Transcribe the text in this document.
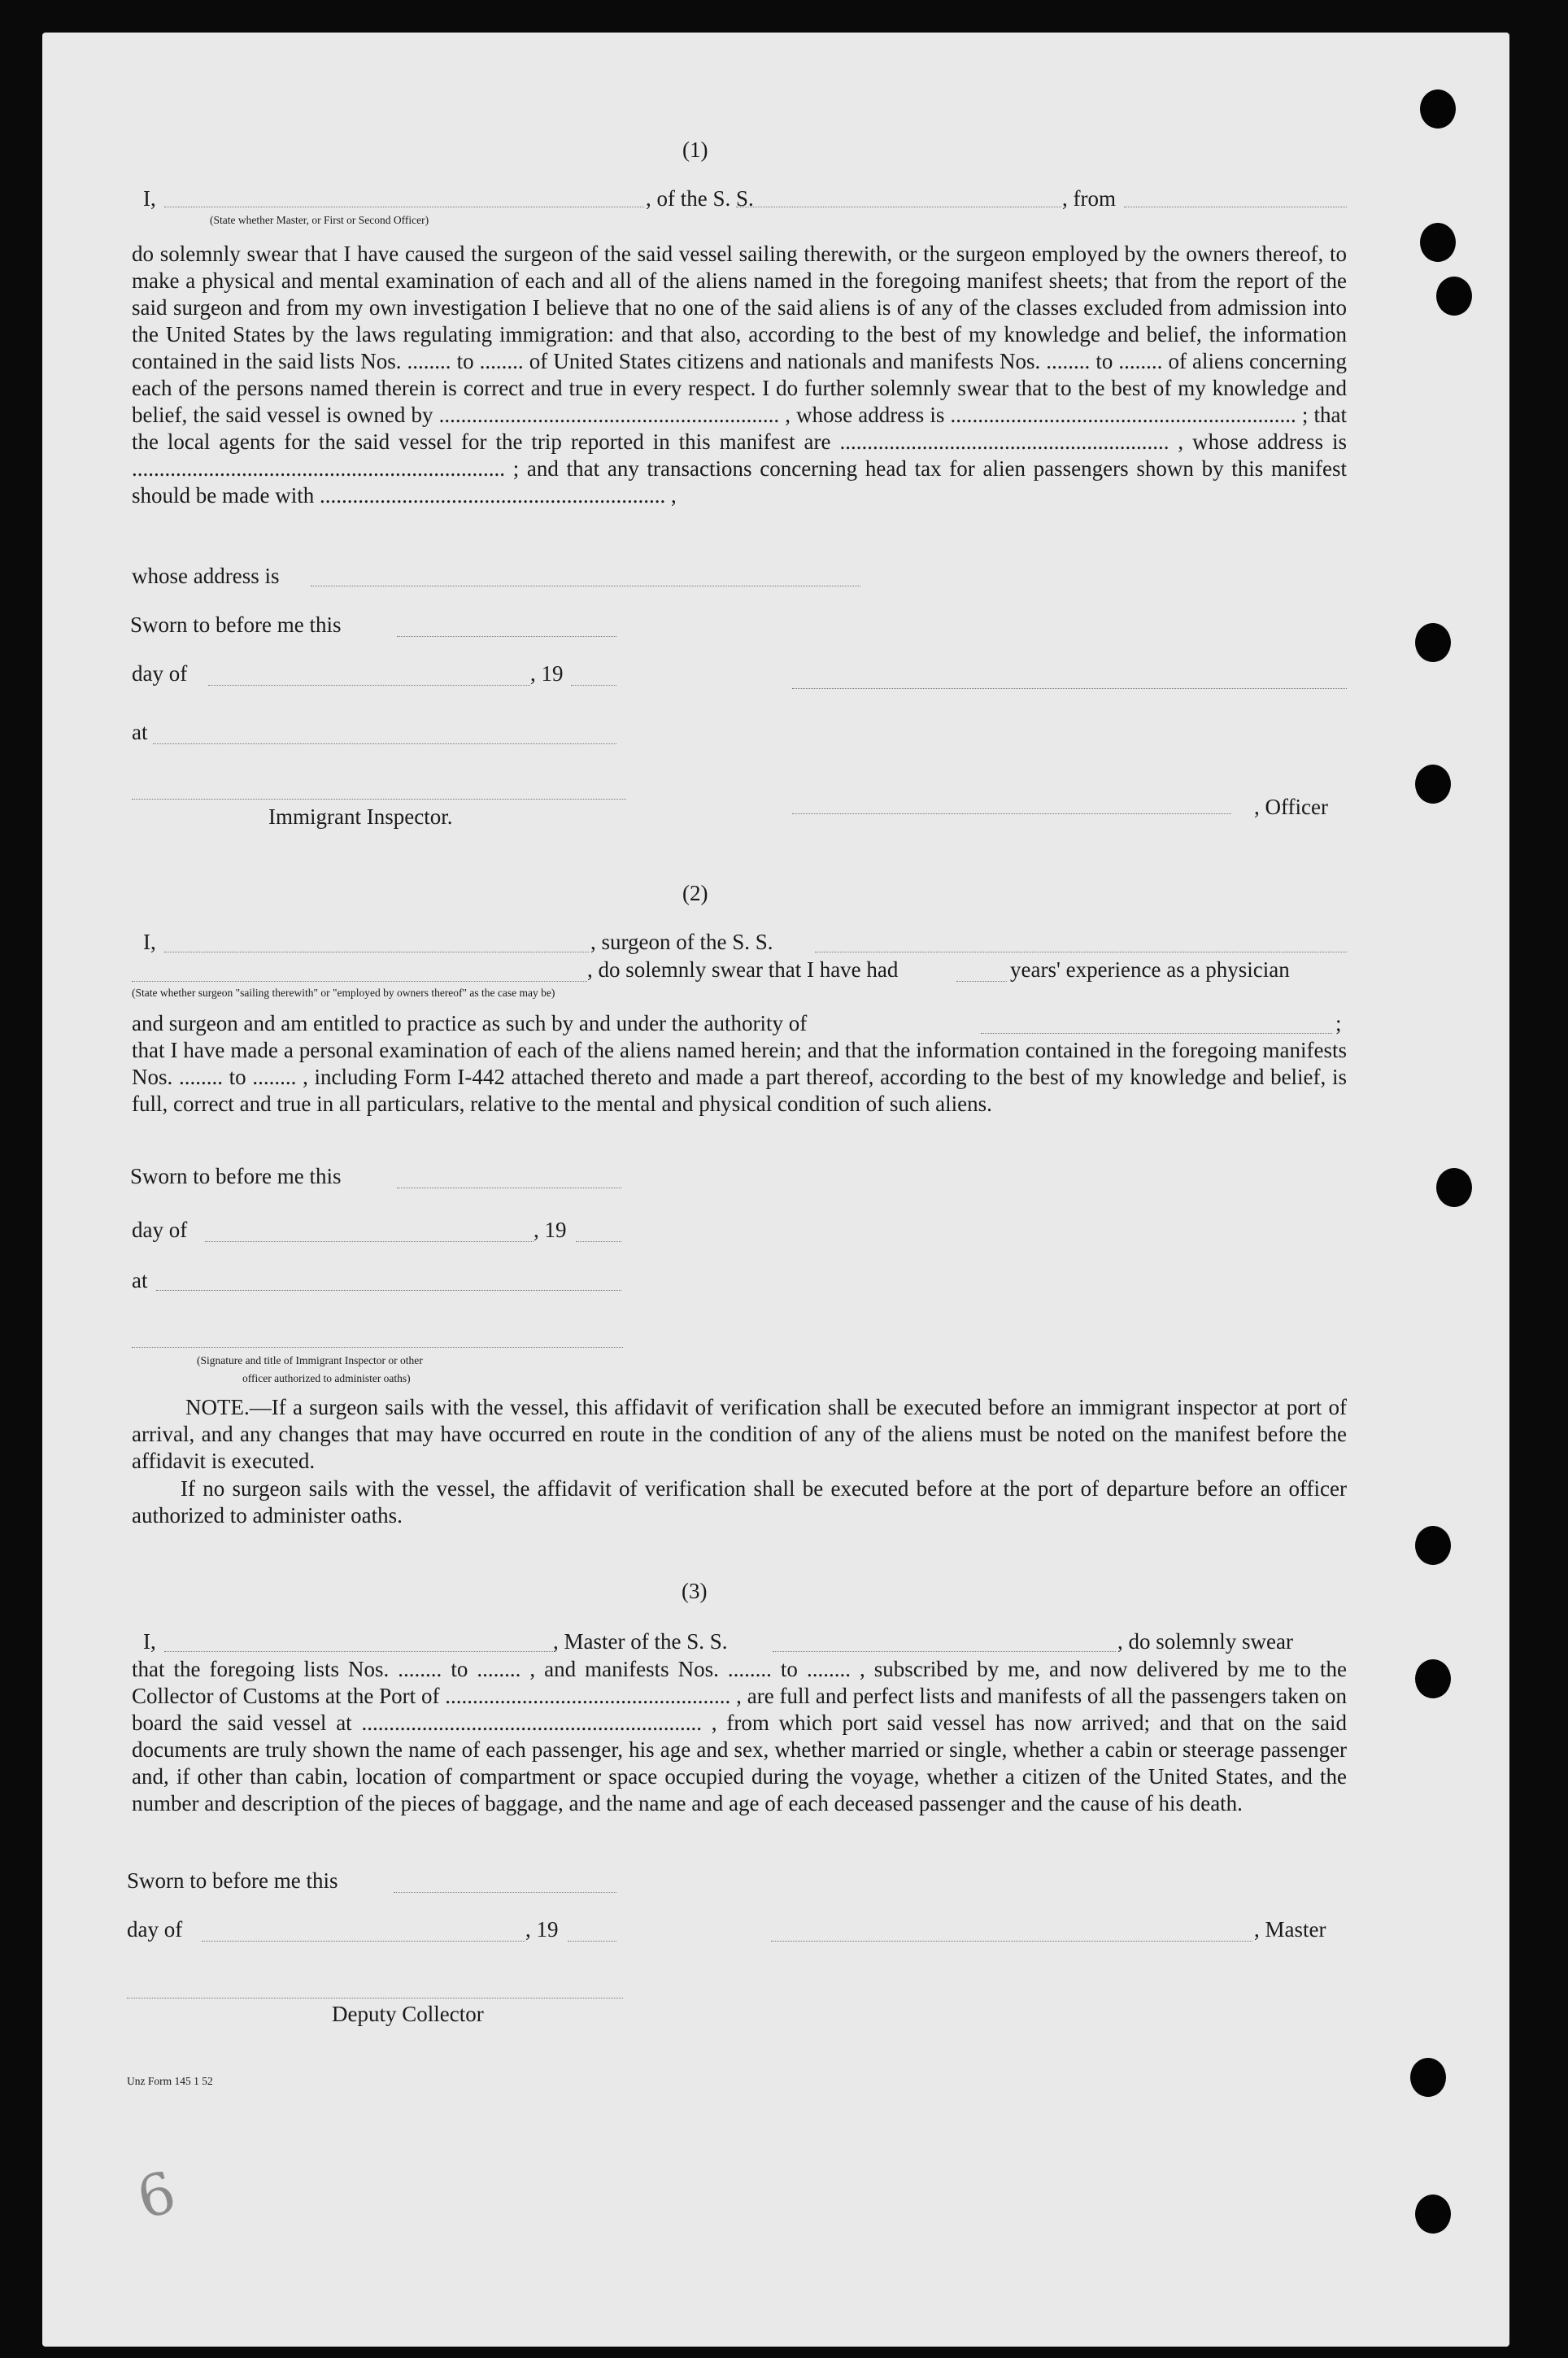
(1)
I,	, of the S. S.	, from
(State whether Master, or First or Second Officer)
do solemnly swear that I have caused the surgeon of the said vessel sailing therewith, or the surgeon employed by the owners thereof, to make a physical and mental examination of each and all of the aliens named in the foregoing manifest sheets; that from the report of the said surgeon and from my own investigation I believe that no one of the said aliens is of any of the classes excluded from admission into the United States by the laws regulating immigration: and that also, according to the best of my knowledge and belief, the information contained in the said lists Nos. ........ to ........ of United States citizens and nationals and manifests Nos. ........ to ........ of aliens concerning each of the persons named therein is correct and true in every respect. I do further solemnly swear that to the best of my knowledge and belief, the said vessel is owned by .............................................................. , whose address is ............................................................... ; that the local agents for the said vessel for the trip reported in this manifest are ............................................................ , whose address is .................................................................... ; and that any transactions concerning head tax for alien passengers shown by this manifest should be made with ............................................................... ,
whose address is
Sworn to before me this
day of	, 19
at
, Officer
Immigrant Inspector.
(2)
I,	, surgeon of the S. S.
, do solemnly swear that I have had	years' experience as a physician
(State whether surgeon "sailing therewith" or "employed by owners thereof" as the case may be)
and surgeon and am entitled to practice as such by and under the authority of	;
that I have made a personal examination of each of the aliens named herein; and that the information contained in the foregoing manifests Nos. ........ to ........ , including Form I-442 attached thereto and made a part thereof, according to the best of my knowledge and belief, is full, correct and true in all particulars, relative to the mental and physical condition of such aliens.
Sworn to before me this
day of	, 19
at
(Signature and title of Immigrant Inspector or other
officer authorized to administer oaths)
NOTE.—If a surgeon sails with the vessel, this affidavit of verification shall be executed before an immigrant inspector at port of arrival, and any changes that may have occurred en route in the condition of any of the aliens must be noted on the manifest before the affidavit is executed.
If no surgeon sails with the vessel, the affidavit of verification shall be executed before at the port of departure before an officer authorized to administer oaths.
(3)
I,	, Master of the S. S.	, do solemnly swear
that the foregoing lists Nos. ........ to ........ , and manifests Nos. ........ to ........ , subscribed by me, and now delivered by me to the Collector of Customs at the Port of .................................................... , are full and perfect lists and manifests of all the passengers taken on board the said vessel at .............................................................. , from which port said vessel has now arrived; and that on the said documents are truly shown the name of each passenger, his age and sex, whether married or single, whether a cabin or steerage passenger and, if other than cabin, location of compartment or space occupied during the voyage, whether a citizen of the United States, and the number and description of the pieces of baggage, and the name and age of each deceased passenger and the cause of his death.
Sworn to before me this
day of	, 19	, Master
Deputy Collector
Unz Form 145 1 52
6
